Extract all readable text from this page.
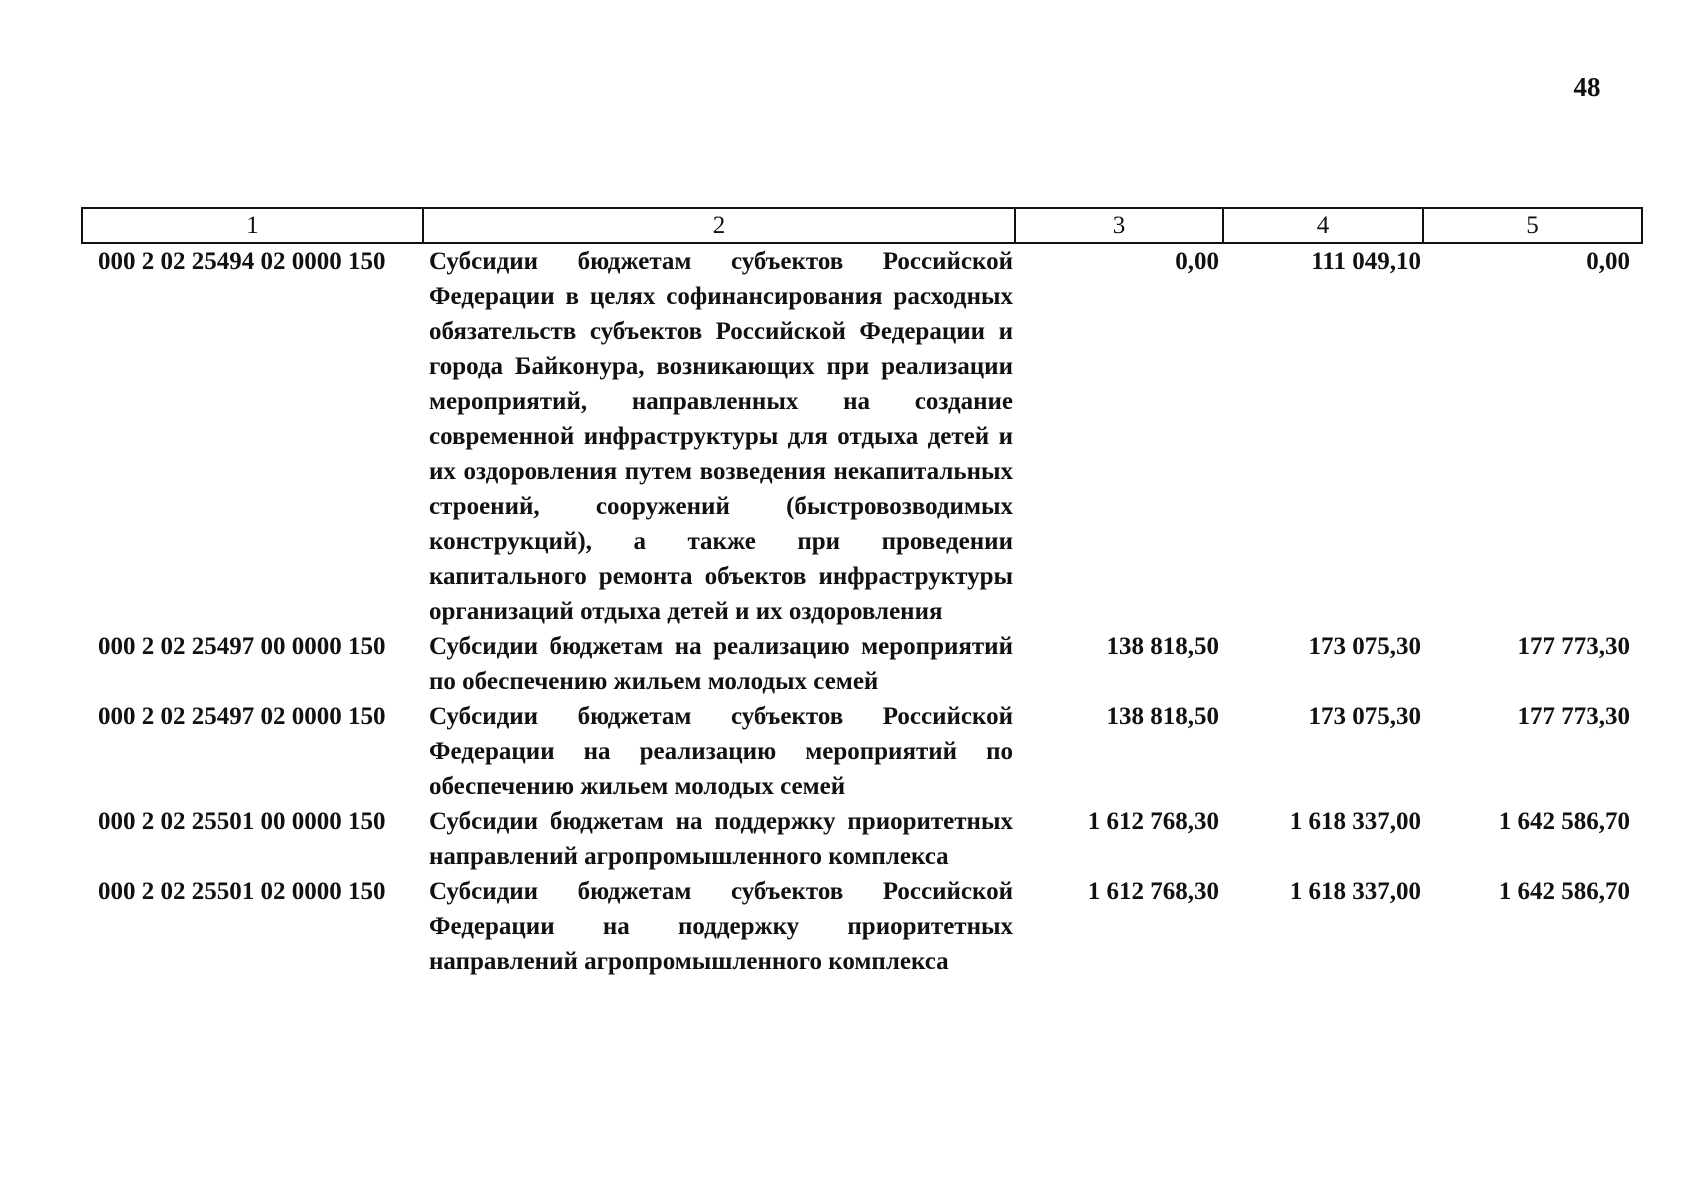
48
1	2	3	4	5
000 2 02 25494 02 0000 150	Субсидии бюджетам субъектов Российской Федерации в целях софинансирования расходных обязательств субъектов Российской Федерации и города Байконура, возникающих при реализации мероприятий, направленных на создание современной инфраструктуры для отдыха детей и их оздоровления путем возведения некапитальных строений, сооружений (быстровозводимых конструкций), а также при проведении капитального ремонта объектов инфраструктуры организаций отдыха детей и их оздоровления	0,00	111 049,10	0,00
000 2 02 25497 00 0000 150	Субсидии бюджетам на реализацию мероприятий по обеспечению жильем молодых семей	138 818,50	173 075,30	177 773,30
000 2 02 25497 02 0000 150	Субсидии бюджетам субъектов Российской Федерации на реализацию мероприятий по обеспечению жильем молодых семей	138 818,50	173 075,30	177 773,30
000 2 02 25501 00 0000 150	Субсидии бюджетам на поддержку приоритетных направлений агропромышленного комплекса	1 612 768,30	1 618 337,00	1 642 586,70
000 2 02 25501 02 0000 150	Субсидии бюджетам субъектов Российской Федерации на поддержку приоритетных направлений агропромышленного комплекса	1 612 768,30	1 618 337,00	1 642 586,70
